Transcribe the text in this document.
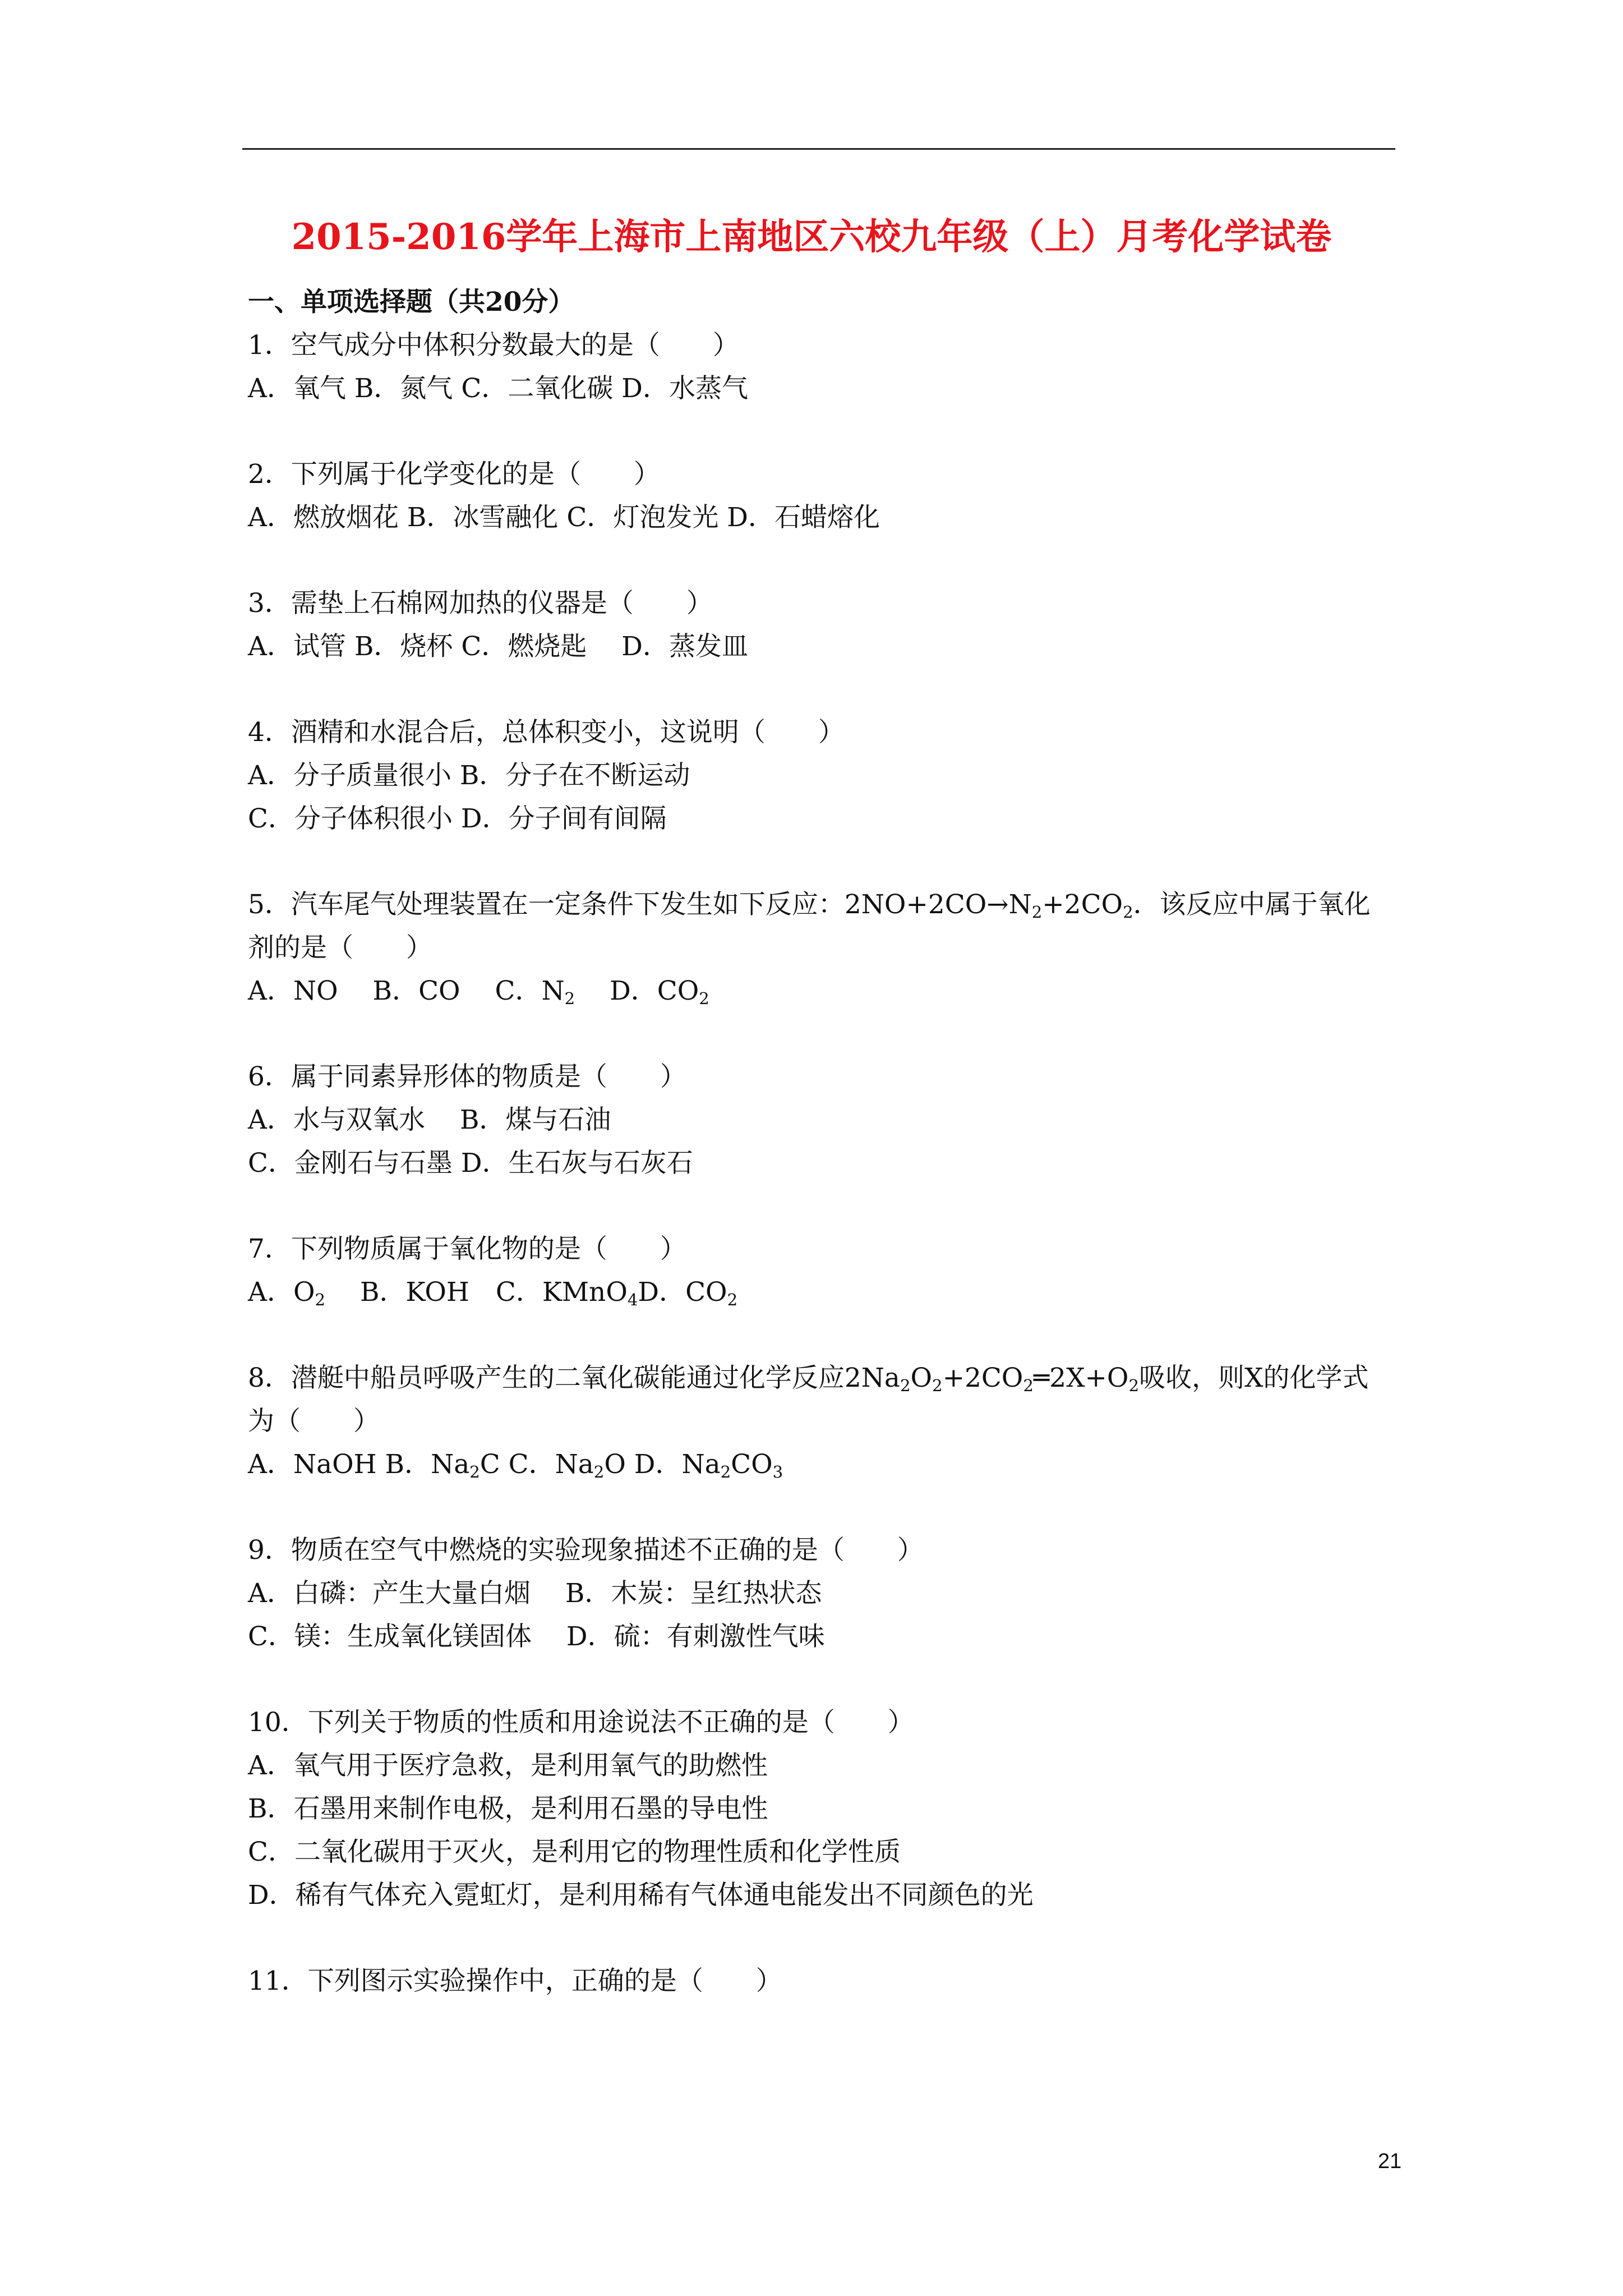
2015-2016学年上海市上南地区六校九年级（上）月考化学试卷
一、单项选择题（共20分）
1．空气成分中体积分数最大的是（　　）
A．氧气 B．氮气 C．二氧化碳 D．水蒸气
2．下列属于化学变化的是（　　）
A．燃放烟花 B．冰雪融化 C．灯泡发光 D．石蜡熔化
3．需垫上石棉网加热的仪器是（　　）
A．试管 B．烧杯 C．燃烧匙　 D．蒸发皿
4．酒精和水混合后，总体积变小，这说明（　　）
A．分子质量很小 B．分子在不断运动
C．分子体积很小 D．分子间有间隔
5．汽车尾气处理装置在一定条件下发生如下反应：$2NO+2CO\to N_2+2CO_2$．该反应中属于氧化剂的是（　　）
A．NO　 B．CO　 C．$N_2$　 D．$CO_2$
6．属于同素异形体的物质是（　　）
A．水与双氧水　 B．煤与石油
C．金刚石与石墨 D．生石灰与石灰石
7．下列物质属于氧化物的是（　　）
A．$O_2$　 B．KOH　C．KMnO$_4$D．$CO_2$
8．潜艇中船员呼吸产生的二氧化碳能通过化学反应$2Na_2O_2+2CO_2═2X+O_2$吸收，则X的化学式为（　　）
A．NaOH B．$Na_2C$ C．$Na_2O$ D．$Na_2CO_3$
9．物质在空气中燃烧的实验现象描述不正确的是（　　）
A．白磷：产生大量白烟　 B．木炭：呈红热状态
C．镁：生成氧化镁固体　 D．硫：有刺激性气味
10．下列关于物质的性质和用途说法不正确的是（　　）
A．氧气用于医疗急救，是利用氧气的助燃性
B．石墨用来制作电极，是利用石墨的导电性
C．二氧化碳用于灭火，是利用它的物理性质和化学性质
D．稀有气体充入霓虹灯，是利用稀有气体通电能发出不同颜色的光
11．下列图示实验操作中，正确的是（　　）
21
